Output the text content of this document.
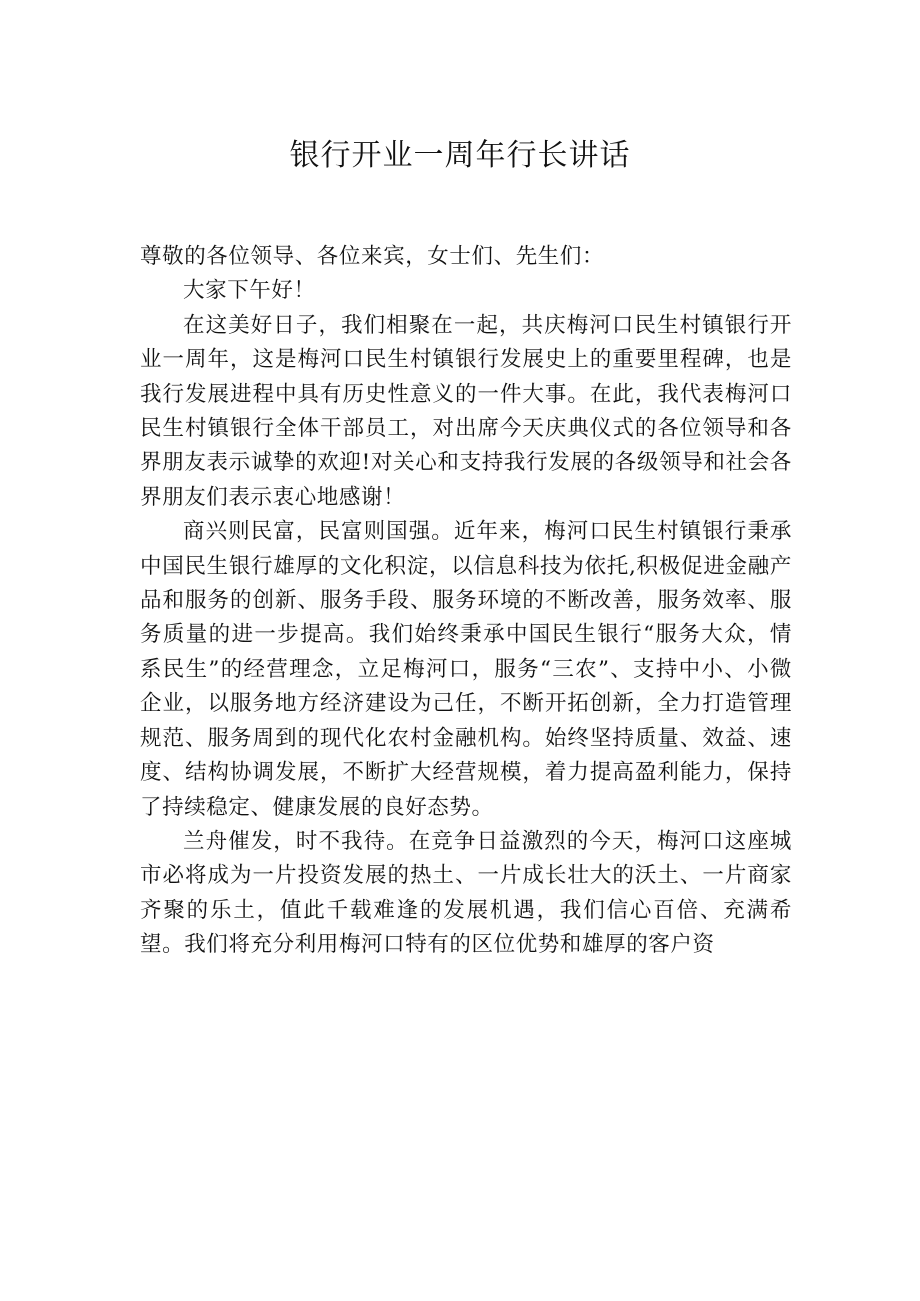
银行开业一周年行长讲话

尊敬的各位领导、各位来宾，女士们、先生们：

大家下午好！

在这美好日子，我们相聚在一起，共庆梅河口民生村镇银行开业一周年，这是梅河口民生村镇银行发展史上的重要里程碑，也是我行发展进程中具有历史性意义的一件大事。在此，我代表梅河口民生村镇银行全体干部员工，对出席今天庆典仪式的各位领导和各界朋友表示诚挚的欢迎!对关心和支持我行发展的各级领导和社会各界朋友们表示衷心地感谢！

商兴则民富，民富则国强。近年来，梅河口民生村镇银行秉承中国民生银行雄厚的文化积淀，以信息科技为依托,积极促进金融产品和服务的创新、服务手段、服务环境的不断改善，服务效率、服务质量的进一步提高。我们始终秉承中国民生银行“服务大众，情系民生”的经营理念，立足梅河口，服务“三农”、支持中小、小微企业，以服务地方经济建设为己任，不断开拓创新，全力打造管理规范、服务周到的现代化农村金融机构。始终坚持质量、效益、速度、结构协调发展，不断扩大经营规模，着力提高盈利能力，保持了持续稳定、健康发展的良好态势。

兰舟催发，时不我待。在竞争日益激烈的今天，梅河口这座城市必将成为一片投资发展的热土、一片成长壮大的沃土、一片商家齐聚的乐土，值此千载难逢的发展机遇，我们信心百倍、充满希望。我们将充分利用梅河口特有的区位优势和雄厚的客户资
